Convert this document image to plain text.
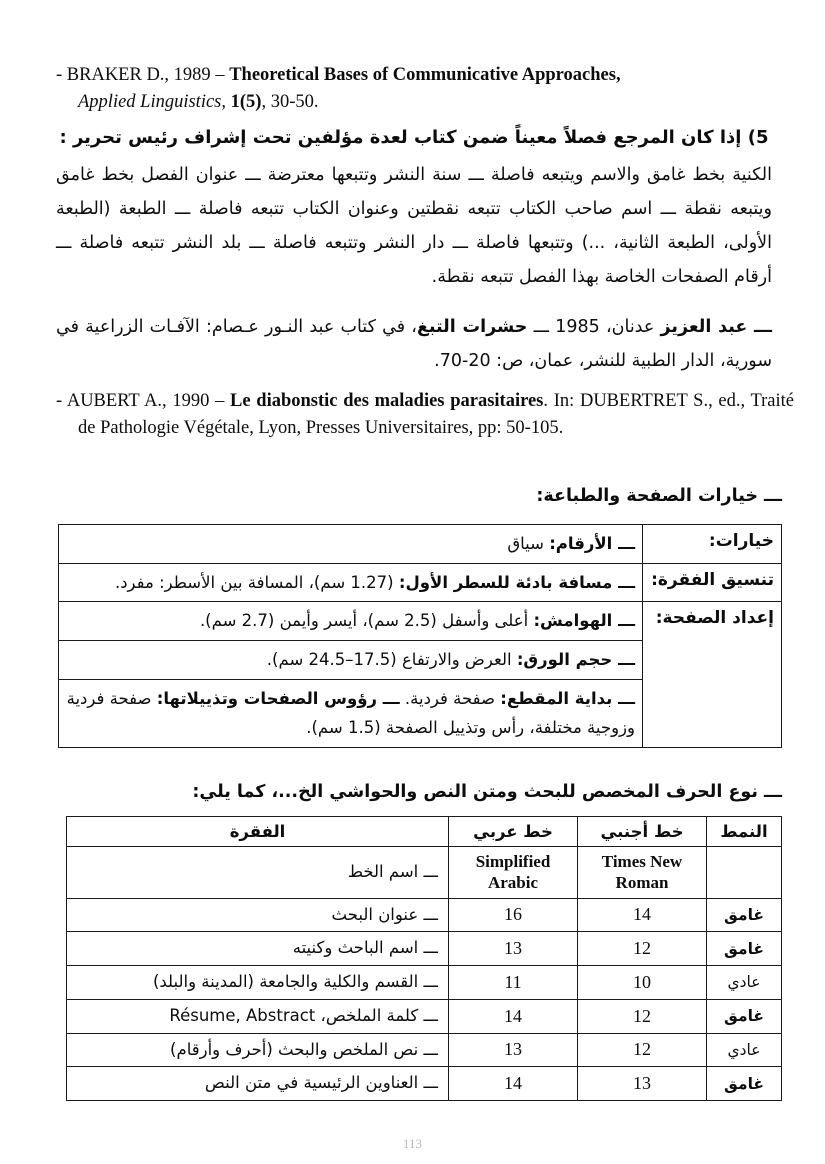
- BRAKER D., 1989 – Theoretical Bases of Communicative Approaches,
Applied Linguistics, 1(5), 30-50.
5) إذا كان المرجع فصلاً معيناً ضمن كتاب لعدة مؤلفين تحت إشراف رئيس تحرير :
الكنية بخط غامق والاسم ويتبعه فاصلة ـــ سنة النشر وتتبعها معترضة ـــ عنوان الفصل بخط غامق ويتبعه نقطة ـــ اسم صاحب الكتاب تتبعه نقطتين وعنوان الكتاب تتبعه فاصلة ـــ الطبعة (الطبعة الأولى، الطبعة الثانية، ...) وتتبعها فاصلة ـــ دار النشر وتتبعه فاصلة ـــ بلد النشر تتبعه فاصلة ـــ أرقام الصفحات الخاصة بهذا الفصل تتبعه نقطة.
ـــ عبد العزيز عدنان، 1985 ـــ حشرات التبغ، في كتاب عبد النـور عـصام: الآفـات الزراعية في سورية، الدار الطبية للنشر، عمان، ص: 20-70.
- AUBERT A., 1990 – Le diabonstic des maladies parasitaires. In: DUBERTRET S., ed., Traité de Pathologie Végétale, Lyon, Presses Universitaires, pp: 50-105.
ـــ خيارات الصفحة والطباعة:
خيارات:	ـــ الأرقام: سياق
تنسيق الفقرة:	ـــ مسافة بادئة للسطر الأول: (1.27 سم)، المسافة بين الأسطر: مفرد.
إعداد الصفحة:	ـــ الهوامش: أعلى وأسفل (2.5 سم)، أيسر وأيمن (2.7 سم).
	ـــ حجم الورق: العرض والارتفاع (17.5–24.5 سم).
	ـــ بداية المقطع: صفحة فردية. ـــ رؤوس الصفحات وتذييلاتها: صفحة فردية وزوجية مختلفة، رأس وتذييل الصفحة (1.5 سم).
ـــ نوع الحرف المخصص للبحث ومتن النص والحواشي الخ...، كما يلي:
النمط	خط أجنبي	خط عربي	الفقرة
	Times New Roman	Simplified Arabic	ـــ اسم الخط
غامق	14	16	ـــ عنوان البحث
غامق	12	13	ـــ اسم الباحث وكنيته
عادي	10	11	ـــ القسم والكلية والجامعة (المدينة والبلد)
غامق	12	14	ـــ كلمة الملخص، Résume, Abstract
عادي	12	13	ـــ نص الملخص والبحث (أحرف وأرقام)
غامق	13	14	ـــ العناوين الرئيسية في متن النص
113
